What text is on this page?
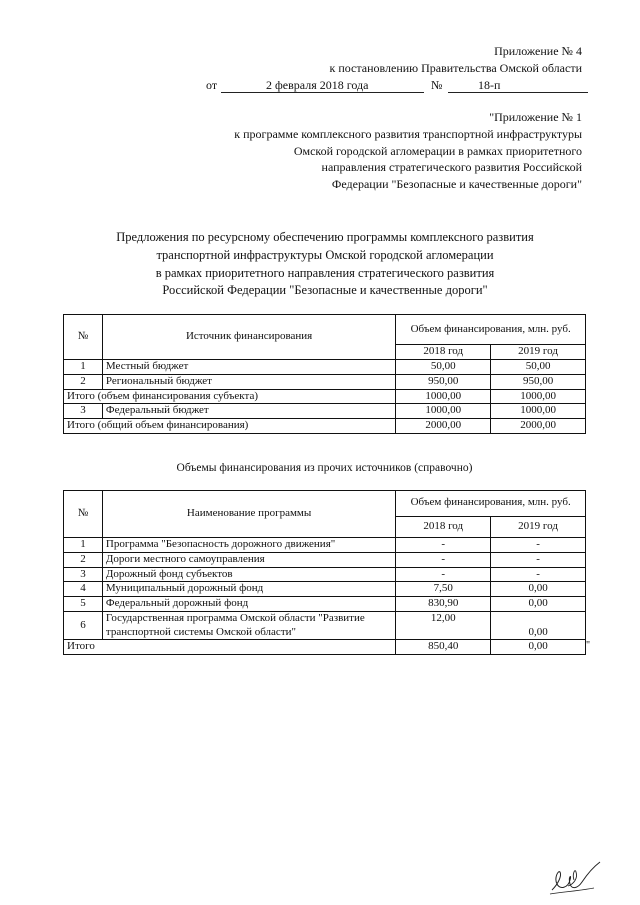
Приложение № 4
к постановлению Правительства Омской области
от	2 февраля 2018 года	№	18-п
"Приложение № 1
к программе комплексного развития транспортной инфраструктуры
Омской городской агломерации в рамках приоритетного
направления стратегического развития Российской
Федерации "Безопасные и качественные дороги"
Предложения по ресурсному обеспечению программы комплексного развития
транспортной инфраструктуры Омской городской агломерации
в рамках приоритетного направления стратегического развития
Российской Федерации "Безопасные и качественные дороги"
№	Источник финансирования	Объем финансирования, млн. руб.	
		2018 год	2019 год
1	Местный бюджет	50,00	50,00
2	Региональный бюджет	950,00	950,00
Итого (объем финансирования субъекта)		1000,00	1000,00
3	Федеральный бюджет	1000,00	1000,00
Итого (общий объем финансирования)		2000,00	2000,00
Объемы финансирования из прочих источников (справочно)
№	Наименование программы	Объем финансирования, млн. руб.	
		2018 год	2019 год
1	Программа "Безопасность дорожного движения"	-	-
2	Дороги местного самоуправления	-	-
3	Дорожный фонд субъектов	-	-
4	Муниципальный дорожный фонд	7,50	0,00
5	Федеральный дорожный фонд	830,90	0,00
6	Государственная программа Омской области "Развитие
транспортной системы Омской области"	12,00	0,00
Итого		850,40	0,00	"
